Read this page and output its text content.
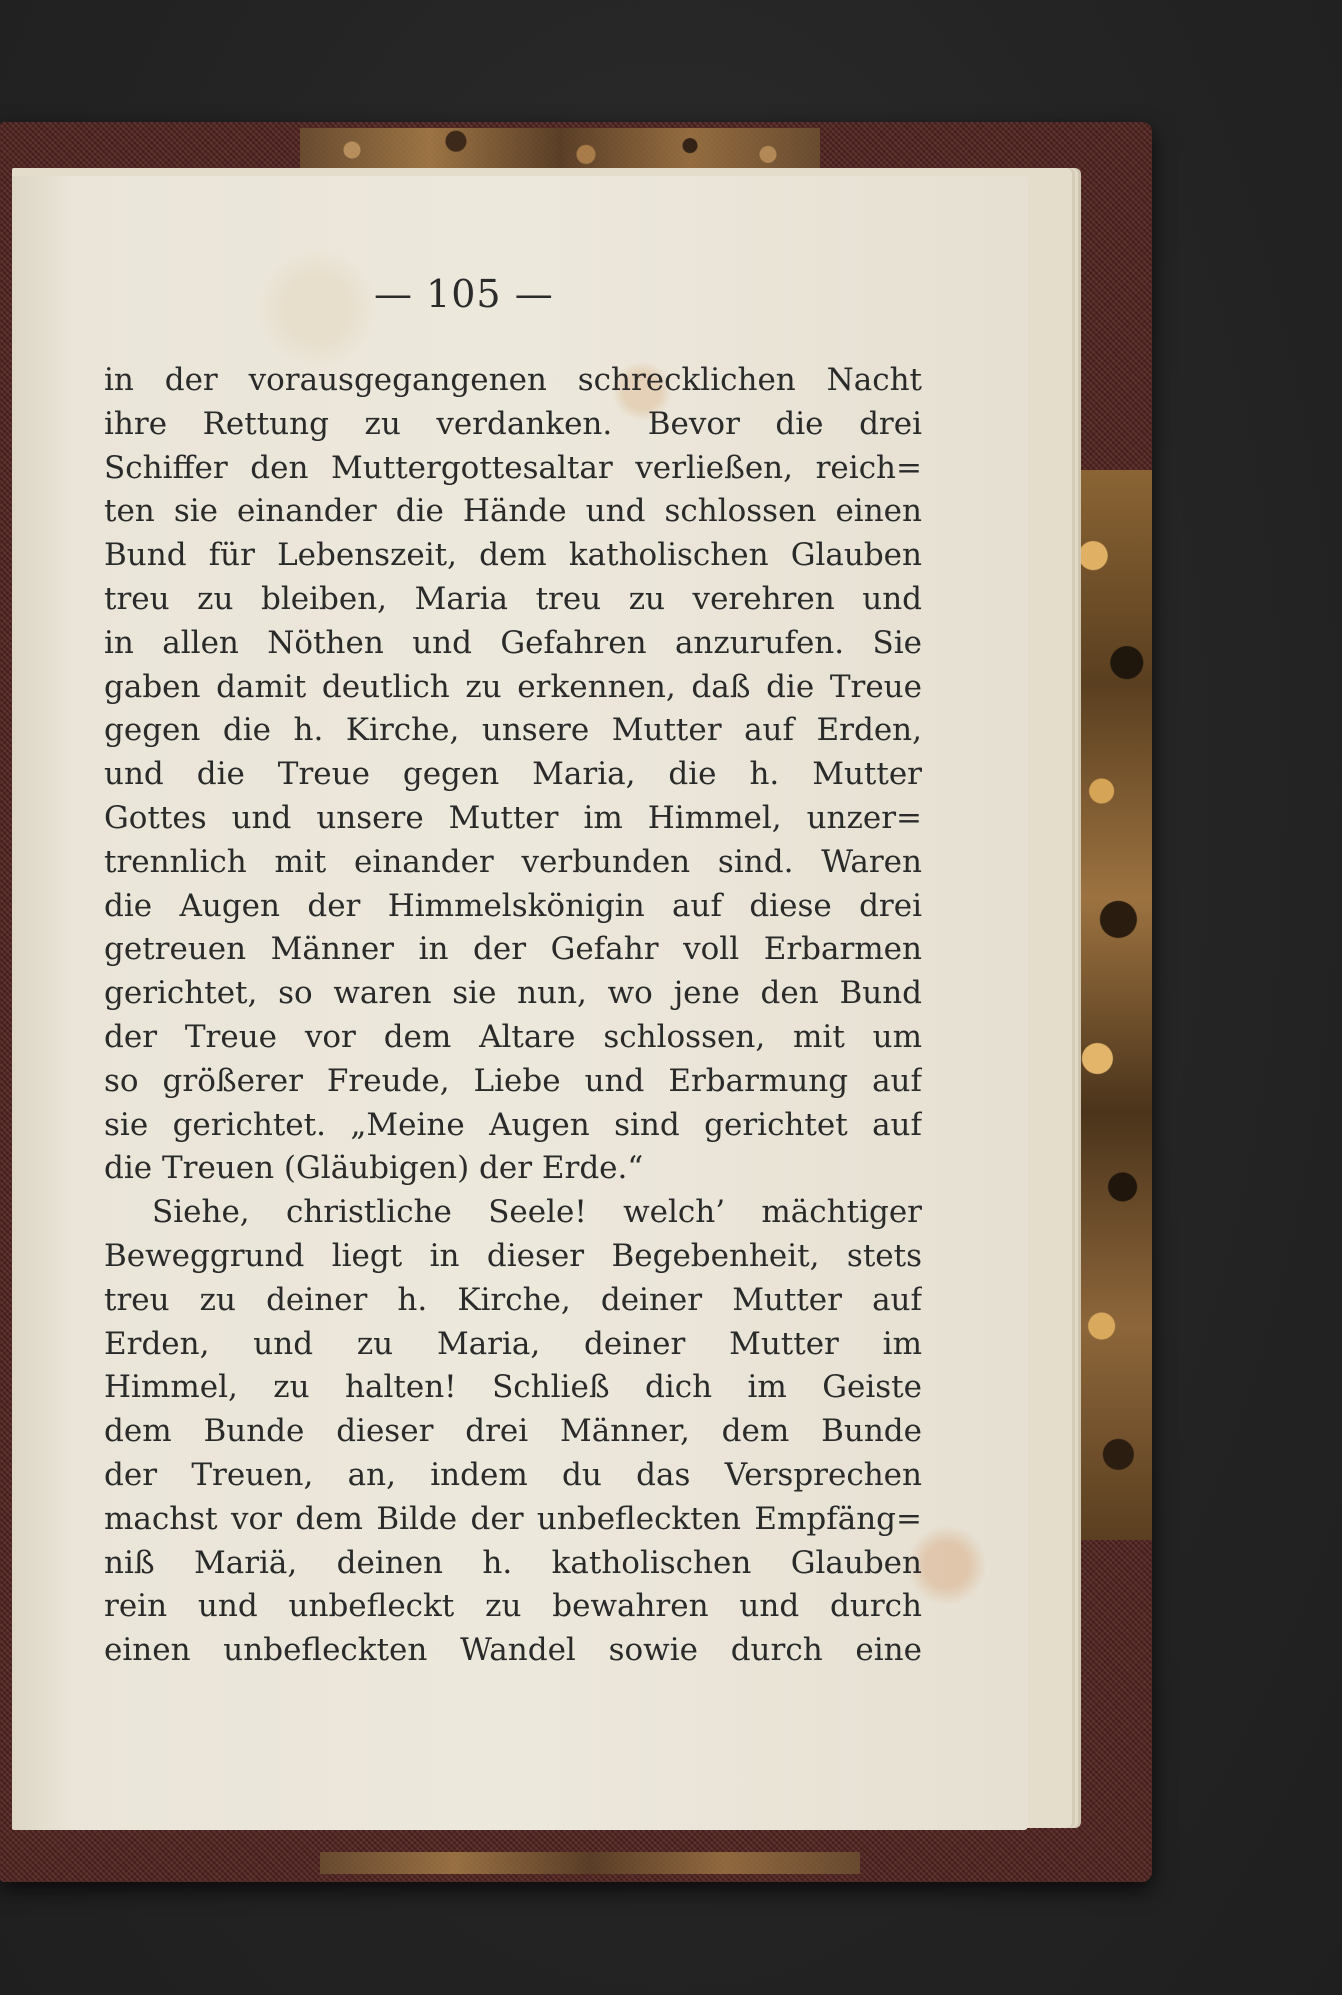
— 105 —
in der vorausgegangenen schrecklichen Nacht
ihre Rettung zu verdanken. Bevor die drei
Schiffer den Muttergottesaltar verließen, reich=
ten sie einander die Hände und schlossen einen
Bund für Lebenszeit, dem katholischen Glauben
treu zu bleiben, Maria treu zu verehren und
in allen Nöthen und Gefahren anzurufen. Sie
gaben damit deutlich zu erkennen, daß die Treue
gegen die h. Kirche, unsere Mutter auf Erden,
und die Treue gegen Maria, die h. Mutter
Gottes und unsere Mutter im Himmel, unzer=
trennlich mit einander verbunden sind. Waren
die Augen der Himmelskönigin auf diese drei
getreuen Männer in der Gefahr voll Erbarmen
gerichtet, so waren sie nun, wo jene den Bund
der Treue vor dem Altare schlossen, mit um
so größerer Freude, Liebe und Erbarmung auf
sie gerichtet. „Meine Augen sind gerichtet auf
die Treuen (Gläubigen) der Erde.“
Siehe, christliche Seele! welch’ mächtiger
Beweggrund liegt in dieser Begebenheit, stets
treu zu deiner h. Kirche, deiner Mutter auf
Erden, und zu Maria, deiner Mutter im
Himmel, zu halten! Schließ dich im Geiste
dem Bunde dieser drei Männer, dem Bunde
der Treuen, an, indem du das Versprechen
machst vor dem Bilde der unbefleckten Empfäng=
niß Mariä, deinen h. katholischen Glauben
rein und unbefleckt zu bewahren und durch
einen unbefleckten Wandel sowie durch eine
